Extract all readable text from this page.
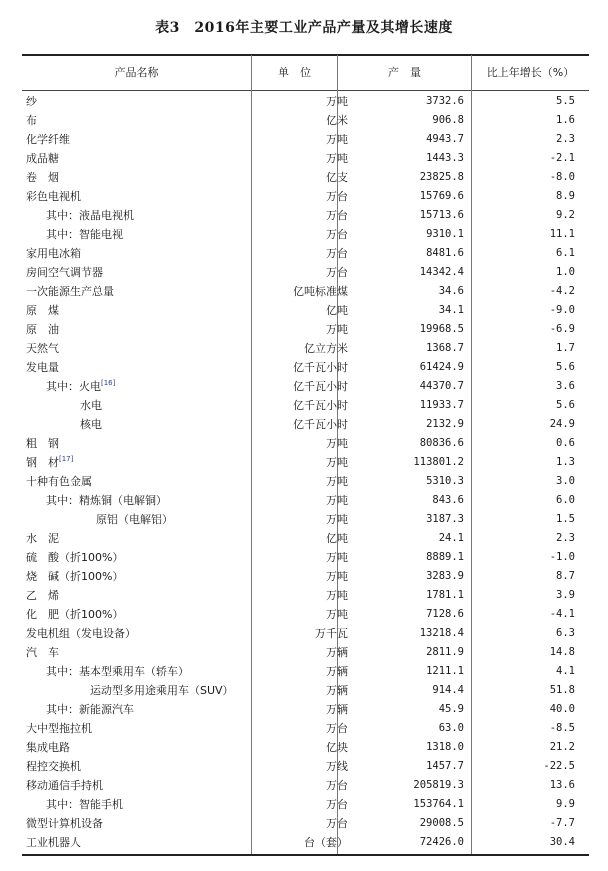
表3　2016年主要工业产品产量及其增长速度
产品名称	单　位	产　量	比上年增长（%）
纱	万吨	3732.6	5.5
布	亿米	906.8	1.6
化学纤维	万吨	4943.7	2.3
成品糖	万吨	1443.3	-2.1
卷　烟	亿支	23825.8	-8.0
彩色电视机	万台	15769.6	8.9
其中：液晶电视机	万台	15713.6	9.2
其中：智能电视	万台	9310.1	11.1
家用电冰箱	万台	8481.6	6.1
房间空气调节器	万台	14342.4	1.0
一次能源生产总量	亿吨标准煤	34.6	-4.2
原　煤	亿吨	34.1	-9.0
原　油	万吨	19968.5	-6.9
天然气	亿立方米	1368.7	1.7
发电量	亿千瓦小时	61424.9	5.6
其中：火电[16]	亿千瓦小时	44370.7	3.6
水电	亿千瓦小时	11933.7	5.6
核电	亿千瓦小时	2132.9	24.9
粗　钢	万吨	80836.6	0.6
钢　材[17]	万吨	113801.2	1.3
十种有色金属	万吨	5310.3	3.0
其中：精炼铜（电解铜）	万吨	843.6	6.0
原铝（电解铝）	万吨	3187.3	1.5
水　泥	亿吨	24.1	2.3
硫　酸（折100%）	万吨	8889.1	-1.0
烧　碱（折100%）	万吨	3283.9	8.7
乙　烯	万吨	1781.1	3.9
化　肥（折100%）	万吨	7128.6	-4.1
发电机组（发电设备）	万千瓦	13218.4	6.3
汽　车	万辆	2811.9	14.8
其中：基本型乘用车（轿车）	万辆	1211.1	4.1
运动型多用途乘用车（SUV）	万辆	914.4	51.8
其中：新能源汽车	万辆	45.9	40.0
大中型拖拉机	万台	63.0	-8.5
集成电路	亿块	1318.0	21.2
程控交换机	万线	1457.7	-22.5
移动通信手持机	万台	205819.3	13.6
其中：智能手机	万台	153764.1	9.9
微型计算机设备	万台	29008.5	-7.7
工业机器人	台（套）	72426.0	30.4
